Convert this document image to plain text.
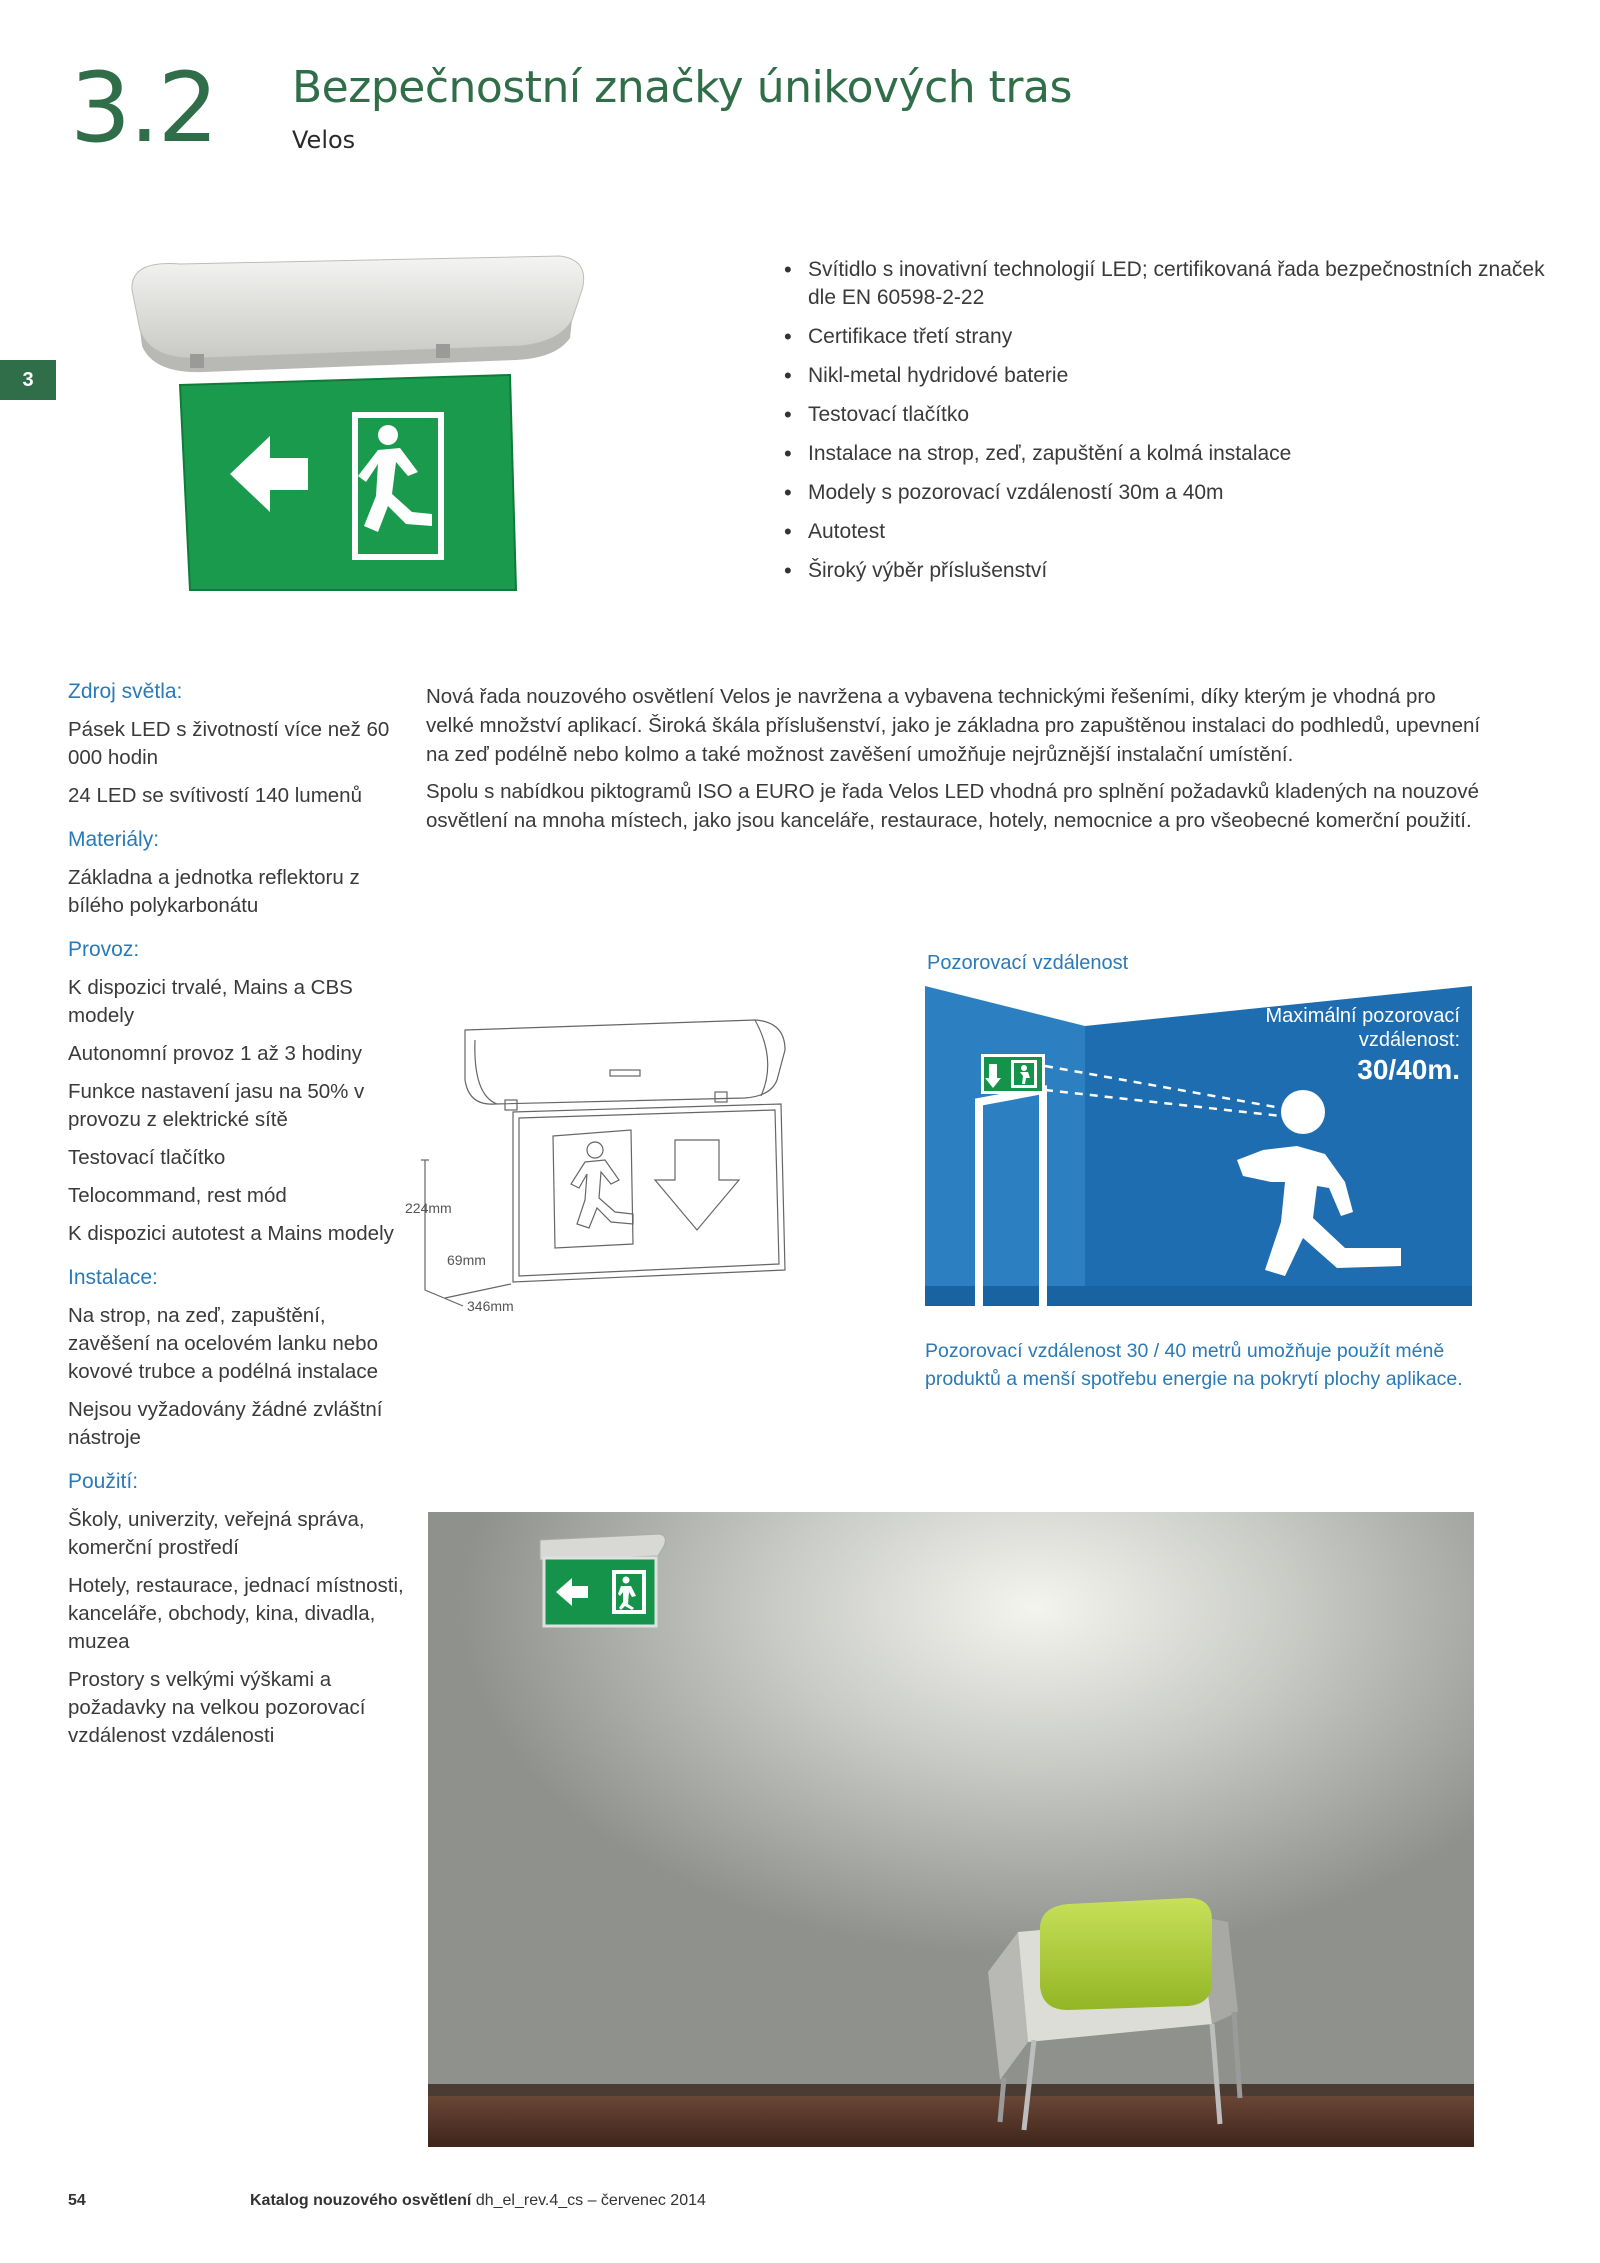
3.2 Bezpečnostní značky únikových tras
Velos
3
• Svítidlo s inovativní technologií LED; certifikovaná řada bezpečnostních značek dle EN 60598-2-22
• Certifikace třetí strany
• Nikl-metal hydridové baterie
• Testovací tlačítko
• Instalace na strop, zeď, zapuštění a kolmá instalace
• Modely s pozorovací vzdáleností 30m a 40m
• Autotest
• Široký výběr příslušenství
Zdroj světla:
Pásek LED s životností více než 60 000 hodin
24 LED se svítivostí 140 lumenů
Materiály:
Základna a jednotka reflektoru z bílého polykarbonátu
Provoz:
K dispozici trvalé, Mains a CBS modely
Autonomní provoz 1 až 3 hodiny
Funkce nastavení jasu na 50% v provozu z elektrické sítě
Testovací tlačítko
Telocommand, rest mód
K dispozici autotest a Mains modely
Instalace:
Na strop, na zeď, zapuštění, zavěšení na ocelovém lanku nebo kovové trubce a podélná instalace
Nejsou vyžadovány žádné zvláštní nástroje
Použití:
Školy, univerzity, veřejná správa, komerční prostředí
Hotely, restaurace, jednací místnosti, kanceláře, obchody, kina, divadla, muzea
Prostory s velkými výškami a požadavky na velkou pozorovací vzdálenost vzdálenosti

Nová řada nouzového osvětlení Velos je navržena a vybavena technickými řešeními, díky kterým je vhodná pro velké množství aplikací. Široká škála příslušenství, jako je základna pro zapuštěnou instalaci do podhledů, upevnení na zeď podélně nebo kolmo a také možnost zavěšení umožňuje nejrůznější instalační umístění.

Spolu s nabídkou piktogramů ISO a EURO je řada Velos LED vhodná pro splnění požadavků kladených na nouzové osvětlení na mnoha místech, jako jsou kanceláře, restaurace, hotely, nemocnice a pro všeobecné komerční použití.

224mm
69mm
346mm
Pozorovací vzdálenost
Maximální pozorovací vzdálenost:
30/40m.
Pozorovací vzdálenost 30 / 40 metrů umožňuje použít méně produktů a menší spotřebu energie na pokrytí plochy aplikace.
54	Katalog nouzového osvětlení dh_el_rev.4_cs – červenec 2014
